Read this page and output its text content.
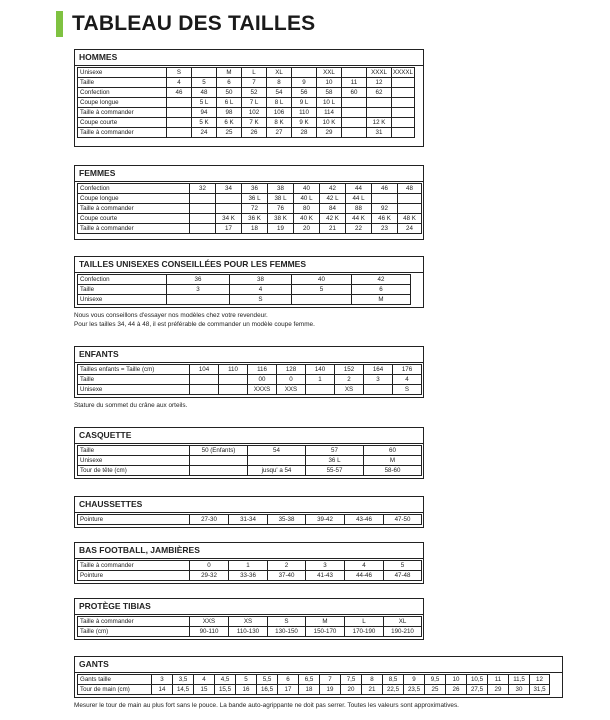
TABLEAU DES TAILLES
HOMMES
Unisexe	S		M	L	XL		XXL		XXXL	XXXXL
Taille	4	5	6	7	8	9	10	11	12	
Confection	46	48	50	52	54	56	58	60	62	
Coupe longue		5 L	6 L	7 L	8 L	9 L	10 L			
Taille à commander		94	98	102	106	110	114			
Coupe courte		5 K	6 K	7 K	8 K	9 K	10 K		12 K	
Taille à commander		24	25	26	27	28	29		31	
FEMMES
Confection	32	34	36	38	40	42	44	46	48
Coupe longue			36 L	38 L	40 L	42 L	44 L		
Taille à commander			72	76	80	84	88	92	
Coupe courte		34 K	36 K	38 K	40 K	42 K	44 K	46 K	48 K
Taille à commander		17	18	19	20	21	22	23	24
TAILLES UNISEXES CONSEILLÉES POUR LES FEMMES
Confection	36	38	40	42
Taille	3	4	5	6
Unisexe		S		M
Nous vous conseillons d'essayer nos modèles chez votre revendeur.
Pour les tailles 34, 44 à 48, il est préférable de commander un modèle coupe femme.
ENFANTS
Tailles enfants = Taille (cm)	104	110	116	128	140	152	164	176
Taille			00	0	1	2	3	4
Unisexe			XXXS	XXS		XS		S
Stature du sommet du crâne aux orteils.
CASQUETTE
Taille	50 (Enfants)	54	57	60
Unisexe			36 L	M
Tour de tête (cm)		jusqu' a 54	55-57	58-60
CHAUSSETTES
Pointure	27-30	31-34	35-38	39-42	43-46	47-50
BAS FOOTBALL, JAMBIÈRES
Taille à commander	0	1	2	3	4	5
Pointure	29-32	33-36	37-40	41-43	44-46	47-48
PROTÈGE TIBIAS
Taille à commander	XXS	XS	S	M	L	XL
Taille (cm)	90-110	110-130	130-150	150-170	170-190	190-210
GANTS
Gants taille	3	3,5	4	4,5	5	5,5	6	6,5	7	7,5	8	8,5	9	9,5	10	10,5	11	11,5	12
Tour de main (cm)	14	14,5	15	15,5	16	16,5	17	18	19	20	21	22,5	23,5	25	26	27,5	29	30	31,5
Mesurer le tour de main au plus fort sans le pouce. La bande auto-agrippante ne doit pas serrer. Toutes les valeurs sont approximatives.
